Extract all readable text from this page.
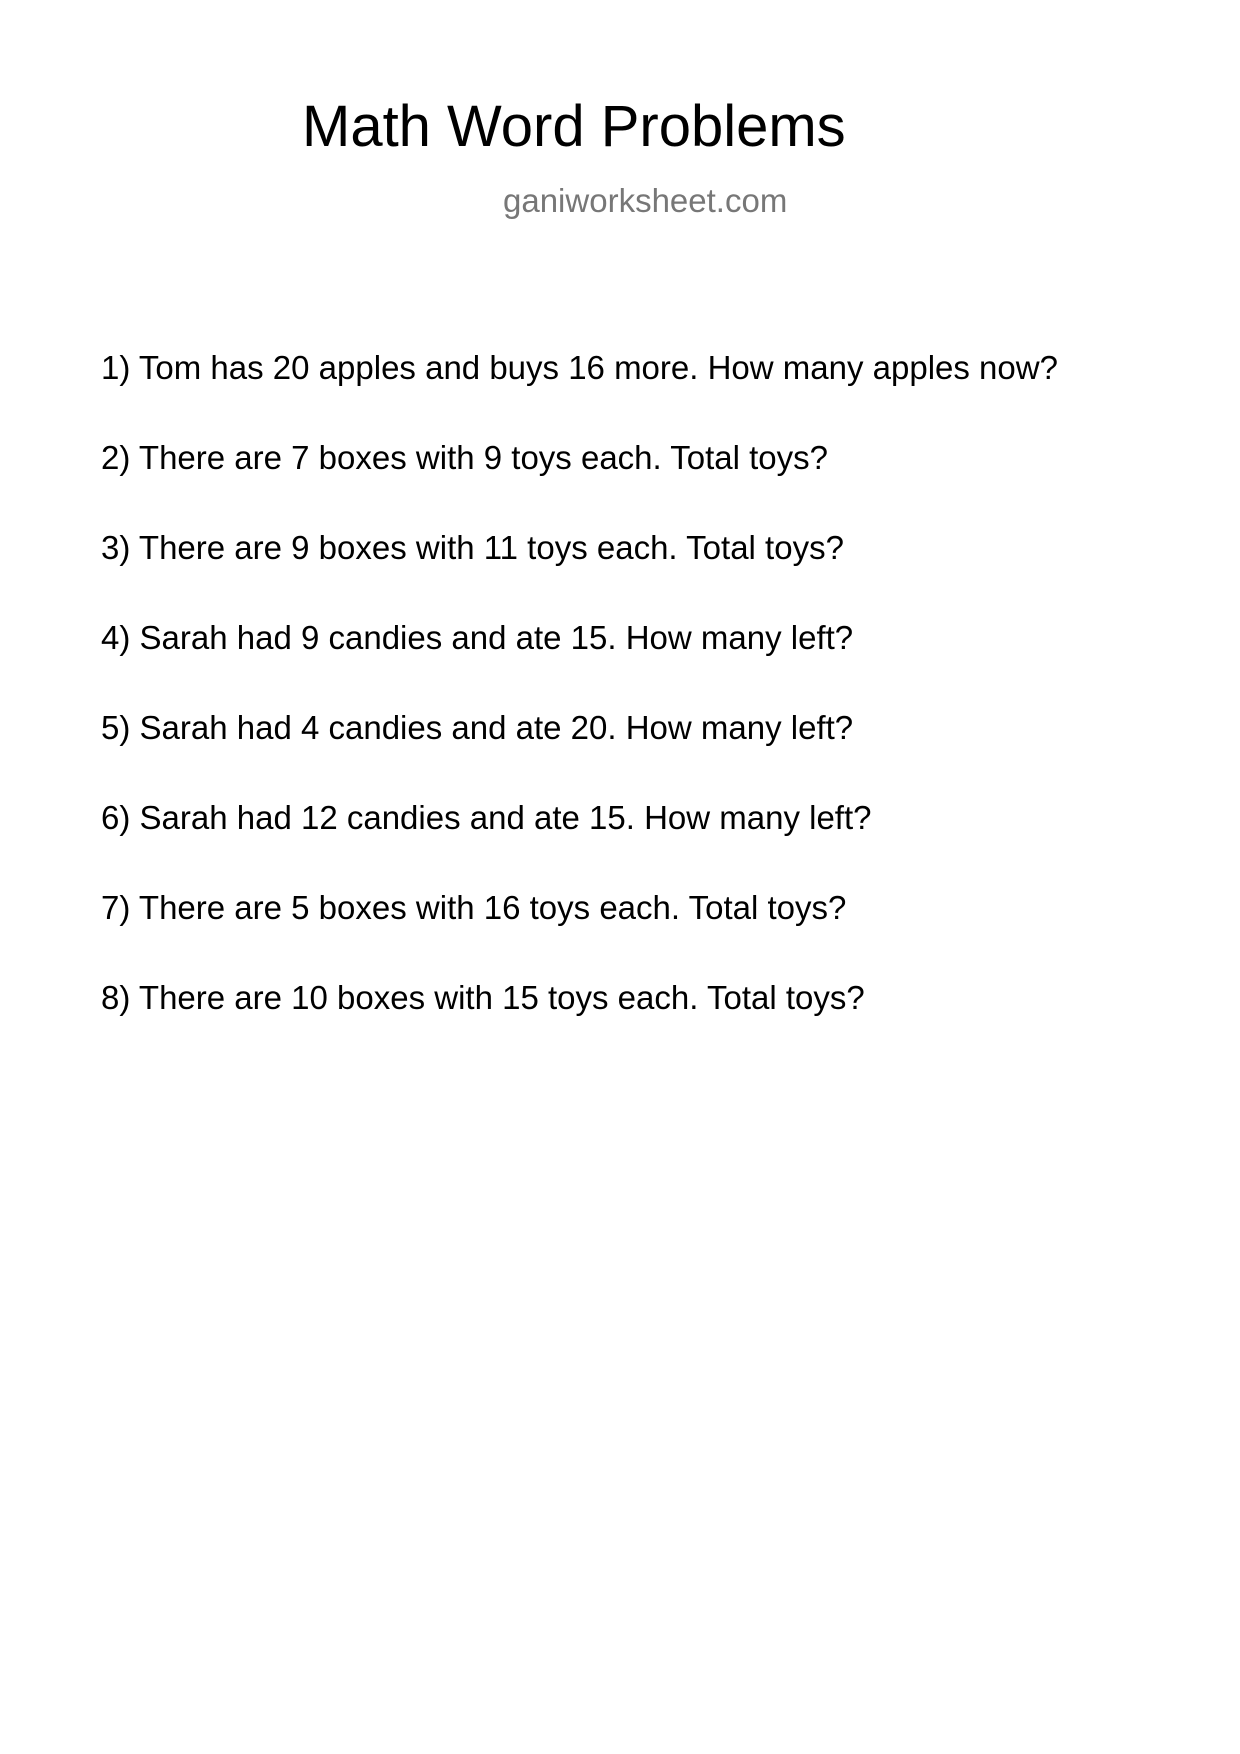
Math Word Problems
ganiworksheet.com
1) Tom has 20 apples and buys 16 more. How many apples now?
2) There are 7 boxes with 9 toys each. Total toys?
3) There are 9 boxes with 11 toys each. Total toys?
4) Sarah had 9 candies and ate 15. How many left?
5) Sarah had 4 candies and ate 20. How many left?
6) Sarah had 12 candies and ate 15. How many left?
7) There are 5 boxes with 16 toys each. Total toys?
8) There are 10 boxes with 15 toys each. Total toys?
